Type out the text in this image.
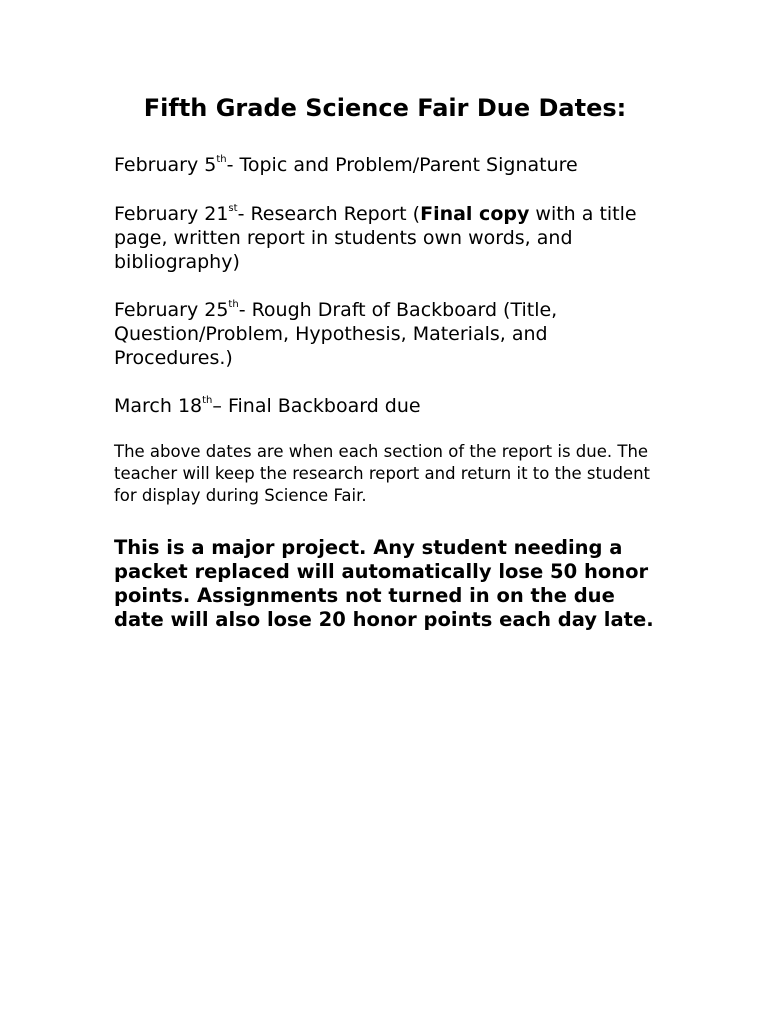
Fifth Grade Science Fair Due Dates:

February 5th- Topic and Problem/Parent Signature

February 21st- Research Report (Final copy with a title page, written report in students own words, and bibliography)

February 25th- Rough Draft of Backboard (Title, Question/Problem, Hypothesis, Materials, and Procedures.)

March 18th– Final Backboard due

The above dates are when each section of the report is due. The teacher will keep the research report and return it to the student for display during Science Fair.

This is a major project. Any student needing a packet replaced will automatically lose 50 honor points. Assignments not turned in on the due date will also lose 20 honor points each day late.
